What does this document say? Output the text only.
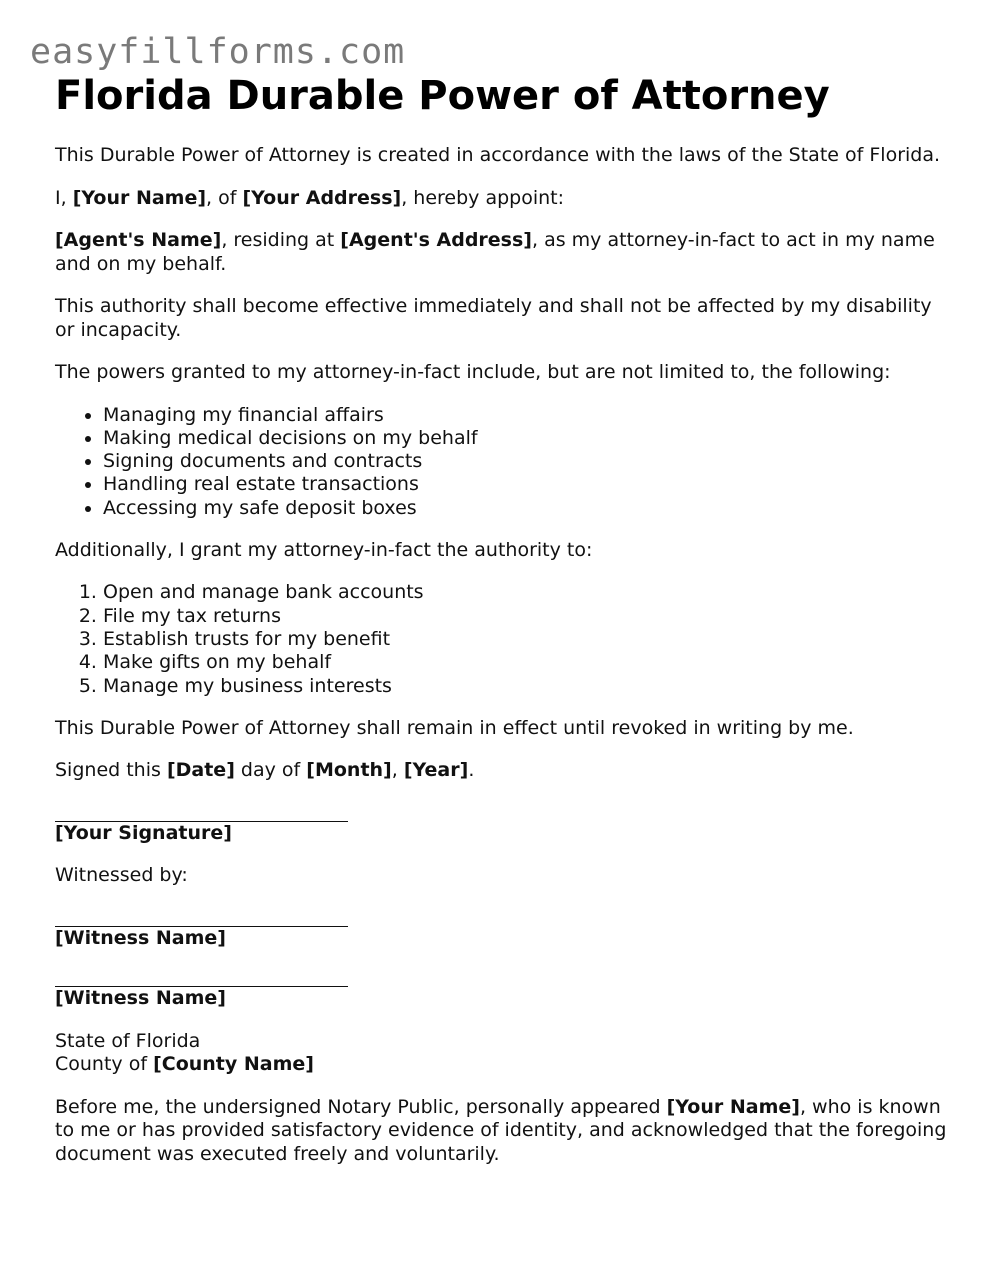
easyfillforms.com
Florida Durable Power of Attorney

This Durable Power of Attorney is created in accordance with the laws of the State of Florida.

I, [Your Name], of [Your Address], hereby appoint:

[Agent's Name], residing at [Agent's Address], as my attorney-in-fact to act in my name and on my behalf.

This authority shall become effective immediately and shall not be affected by my disability or incapacity.

The powers granted to my attorney-in-fact include, but are not limited to, the following:

• Managing my financial affairs
• Making medical decisions on my behalf
• Signing documents and contracts
• Handling real estate transactions
• Accessing my safe deposit boxes

Additionally, I grant my attorney-in-fact the authority to:

1. Open and manage bank accounts
2. File my tax returns
3. Establish trusts for my benefit
4. Make gifts on my behalf
5. Manage my business interests

This Durable Power of Attorney shall remain in effect until revoked in writing by me.

Signed this [Date] day of [Month], [Year].

[Your Signature]

Witnessed by:

[Witness Name]
[Witness Name]

State of Florida

County of [County Name]

Before me, the undersigned Notary Public, personally appeared [Your Name], who is known to me or has provided satisfactory evidence of identity, and acknowledged that the foregoing document was executed freely and voluntarily.
